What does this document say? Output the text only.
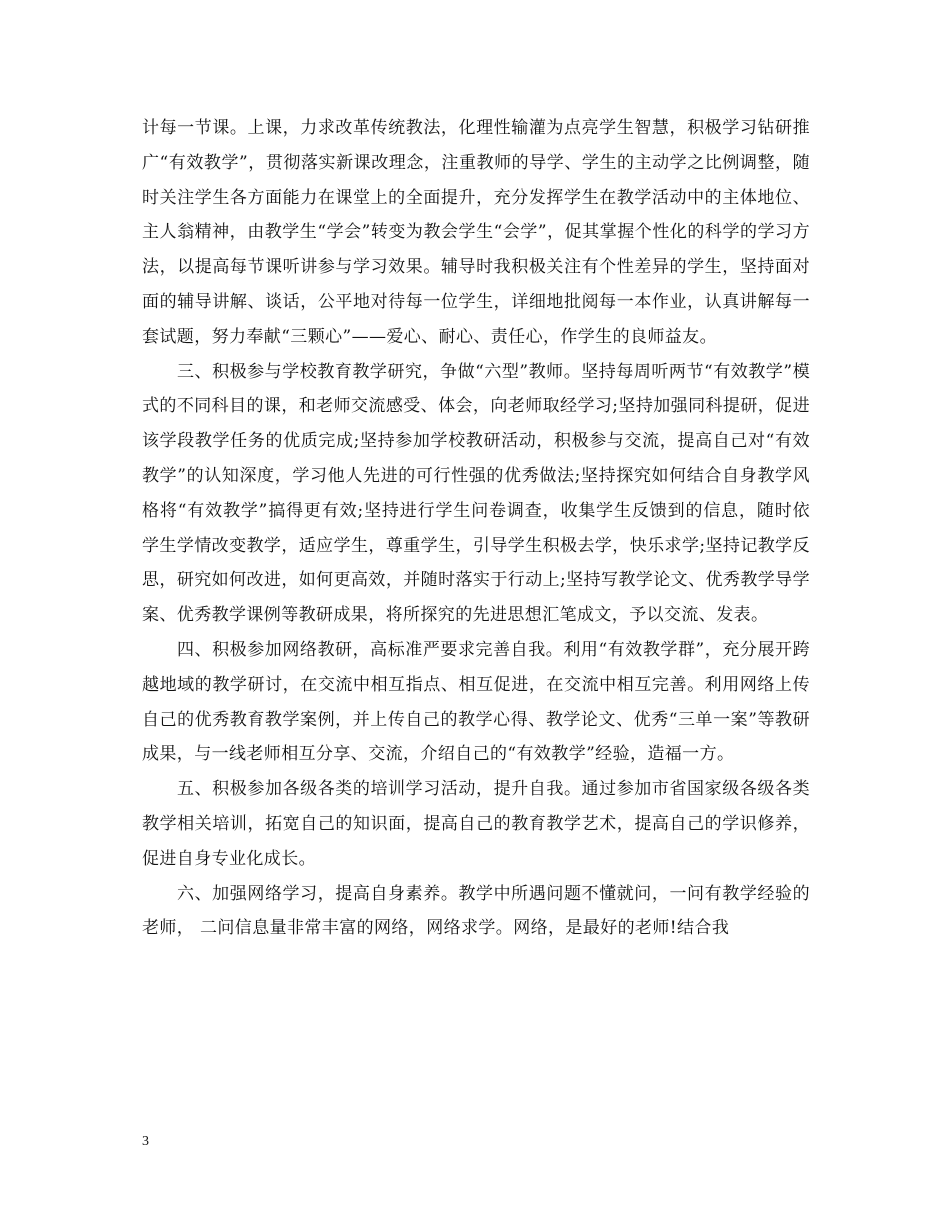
计每一节课。上课，力求改革传统教法，化理性输灌为点亮学生智慧，积极学习钻研推广“有效教学”，贯彻落实新课改理念，注重教师的导学、学生的主动学之比例调整，随时关注学生各方面能力在课堂上的全面提升，充分发挥学生在教学活动中的主体地位、主人翁精神，由教学生“学会”转变为教会学生“会学”，促其掌握个性化的科学的学习方法，以提高每节课听讲参与学习效果。辅导时我积极关注有个性差异的学生，坚持面对面的辅导讲解、谈话，公平地对待每一位学生，详细地批阅每一本作业，认真讲解每一套试题，努力奉献“三颗心”——爱心、耐心、责任心，作学生的良师益友。

三、积极参与学校教育教学研究，争做“六型”教师。坚持每周听两节“有效教学”模式的不同科目的课，和老师交流感受、体会，向老师取经学习;坚持加强同科提研，促进该学段教学任务的优质完成;坚持参加学校教研活动，积极参与交流，提高自己对“有效教学”的认知深度，学习他人先进的可行性强的优秀做法;坚持探究如何结合自身教学风格将“有效教学”搞得更有效;坚持进行学生问卷调查，收集学生反馈到的信息，随时依学生学情改变教学，适应学生，尊重学生，引导学生积极去学，快乐求学;坚持记教学反思，研究如何改进，如何更高效，并随时落实于行动上;坚持写教学论文、优秀教学导学案、优秀教学课例等教研成果，将所探究的先进思想汇笔成文，予以交流、发表。

四、积极参加网络教研，高标准严要求完善自我。利用“有效教学群”，充分展开跨越地域的教学研讨，在交流中相互指点、相互促进，在交流中相互完善。利用网络上传自己的优秀教育教学案例，并上传自己的教学心得、教学论文、优秀“三单一案”等教研成果，与一线老师相互分享、交流，介绍自己的“有效教学”经验，造福一方。

五、积极参加各级各类的培训学习活动，提升自我。通过参加市省国家级各级各类教学相关培训，拓宽自己的知识面，提高自己的教育教学艺术，提高自己的学识修养，促进自身专业化成长。

六、加强网络学习，提高自身素养。教学中所遇问题不懂就问，一问有教学经验的老师， 二问信息量非常丰富的网络，网络求学。网络，是最好的老师!结合我

3
